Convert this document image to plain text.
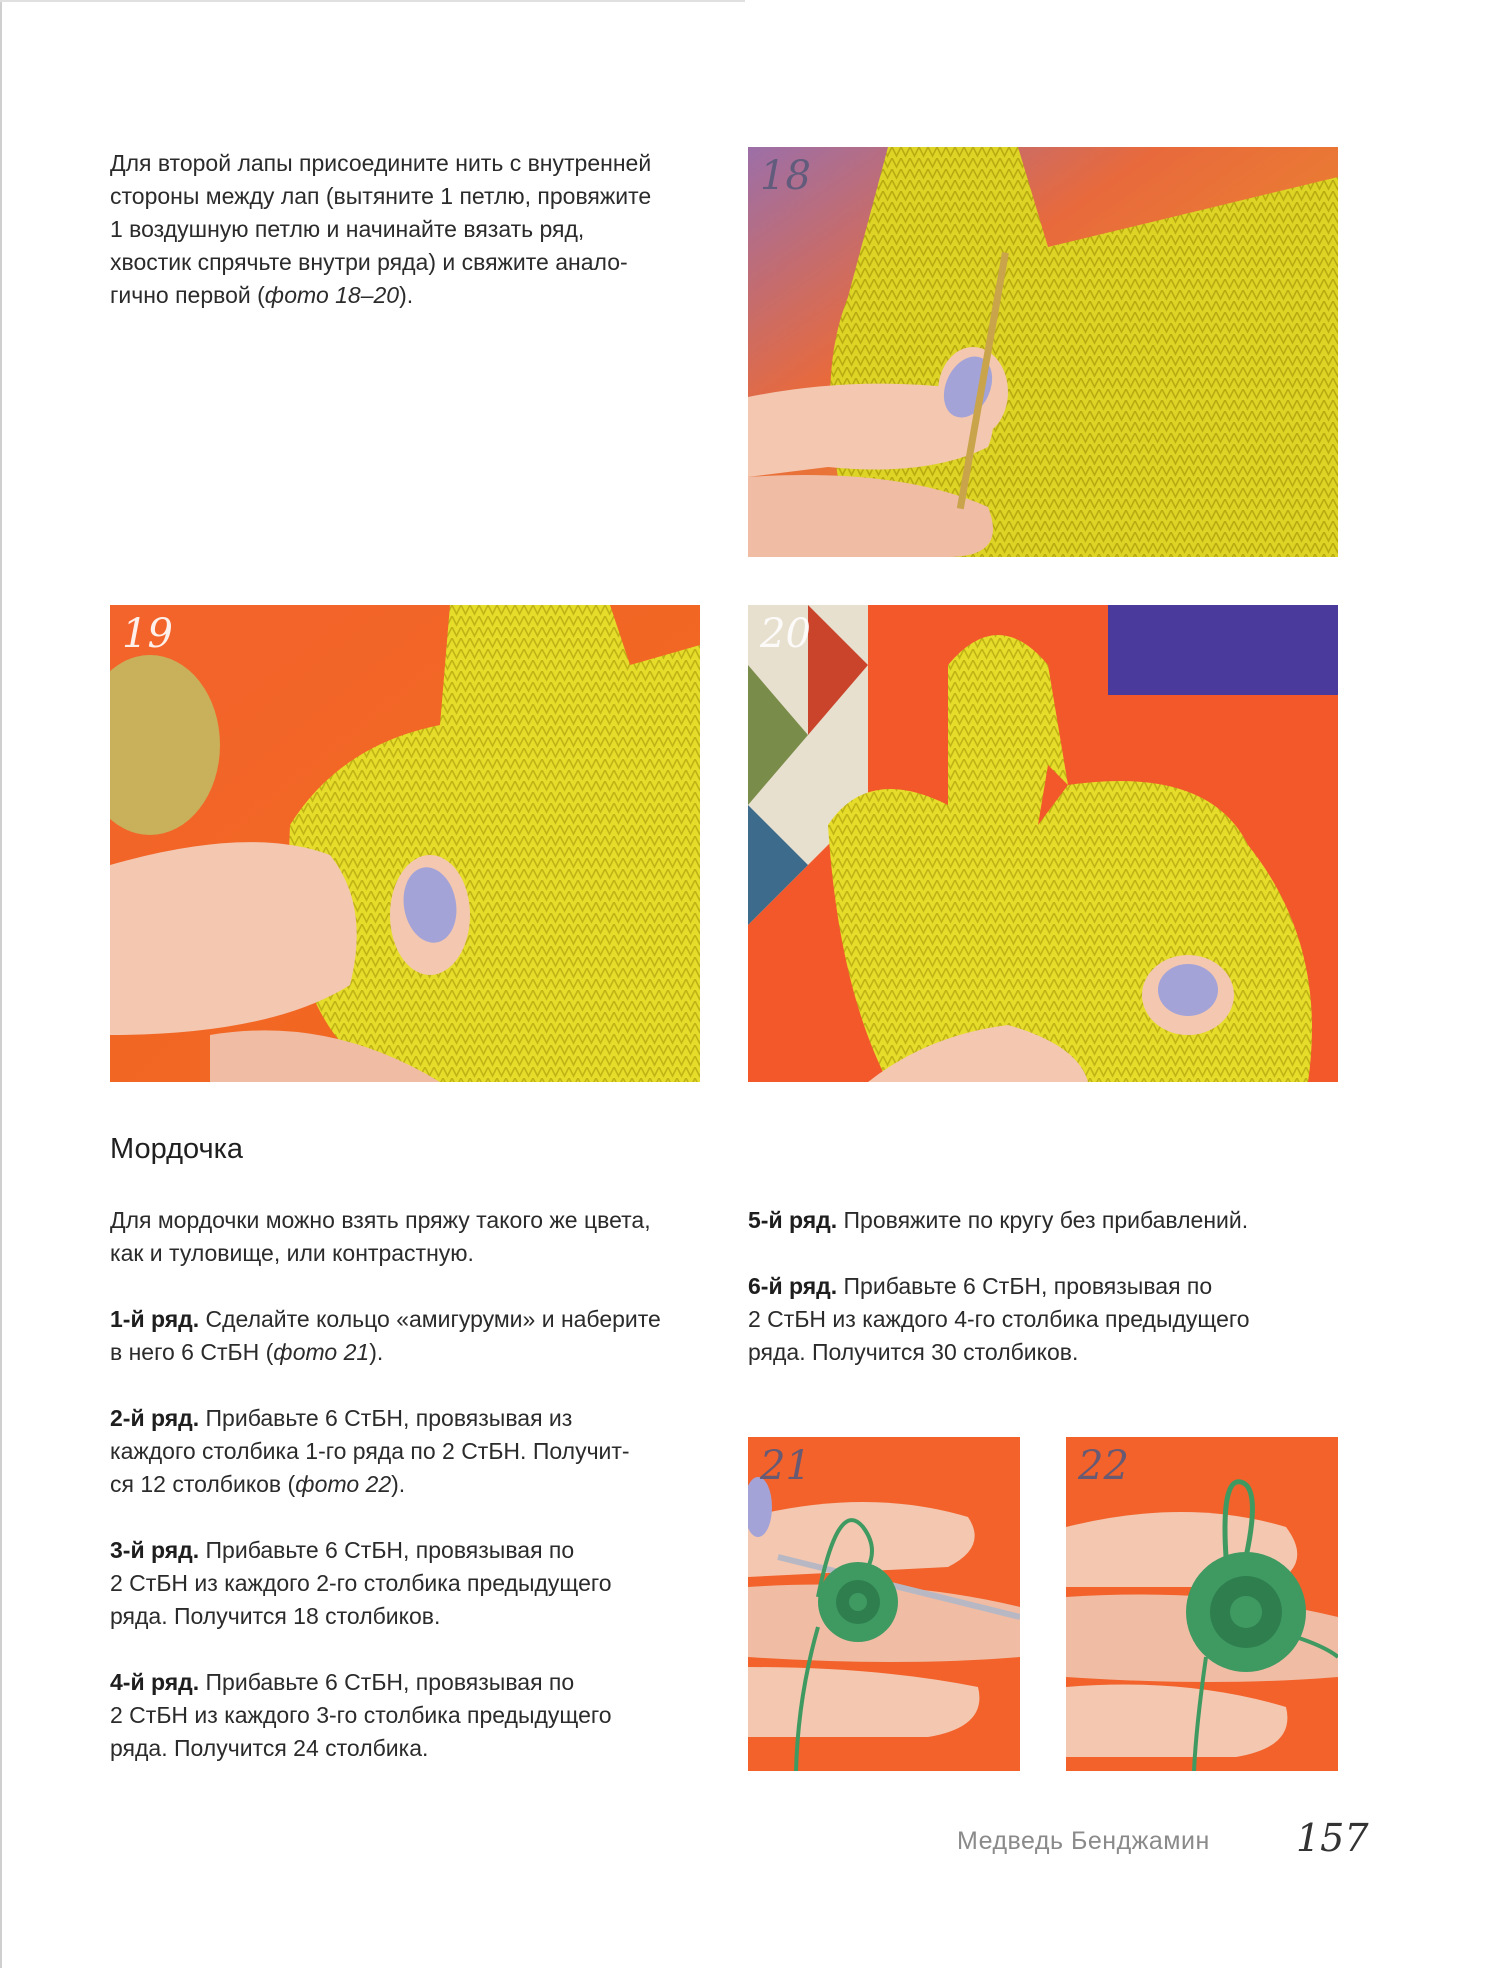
Для второй лапы присоедините нить с внутренней

стороны между лап (вытяните 1 петлю, провяжите

1 воздушную петлю и начинайте вязать ряд,

хвостик спрячьте внутри ряда) и свяжите анало-

гично первой (фото 18–20).

18
19	20
Мордочка

Для мордочки можно взять пряжу такого же цвета,

как и туловище, или контрастную.

1-й ряд. Сделайте кольцо «амигуруми» и наберите

в него 6 СтБН (фото 21).

2-й ряд. Прибавьте 6 СтБН, провязывая из

каждого столбика 1-го ряда по 2 СтБН. Получит-

ся 12 столбиков (фото 22).

3-й ряд. Прибавьте 6 СтБН, провязывая по

2 СтБН из каждого 2-го столбика предыдущего

ряда. Получится 18 столбиков.

4-й ряд. Прибавьте 6 СтБН, провязывая по

2 СтБН из каждого 3-го столбика предыдущего

ряда. Получится 24 столбика.

5-й ряд. Провяжите по кругу без прибавлений.

6-й ряд. Прибавьте 6 СтБН, провязывая по

2 СтБН из каждого 4-го столбика предыдущего

ряда. Получится 30 столбиков.

21	22
Медведь Бенджамин 157
